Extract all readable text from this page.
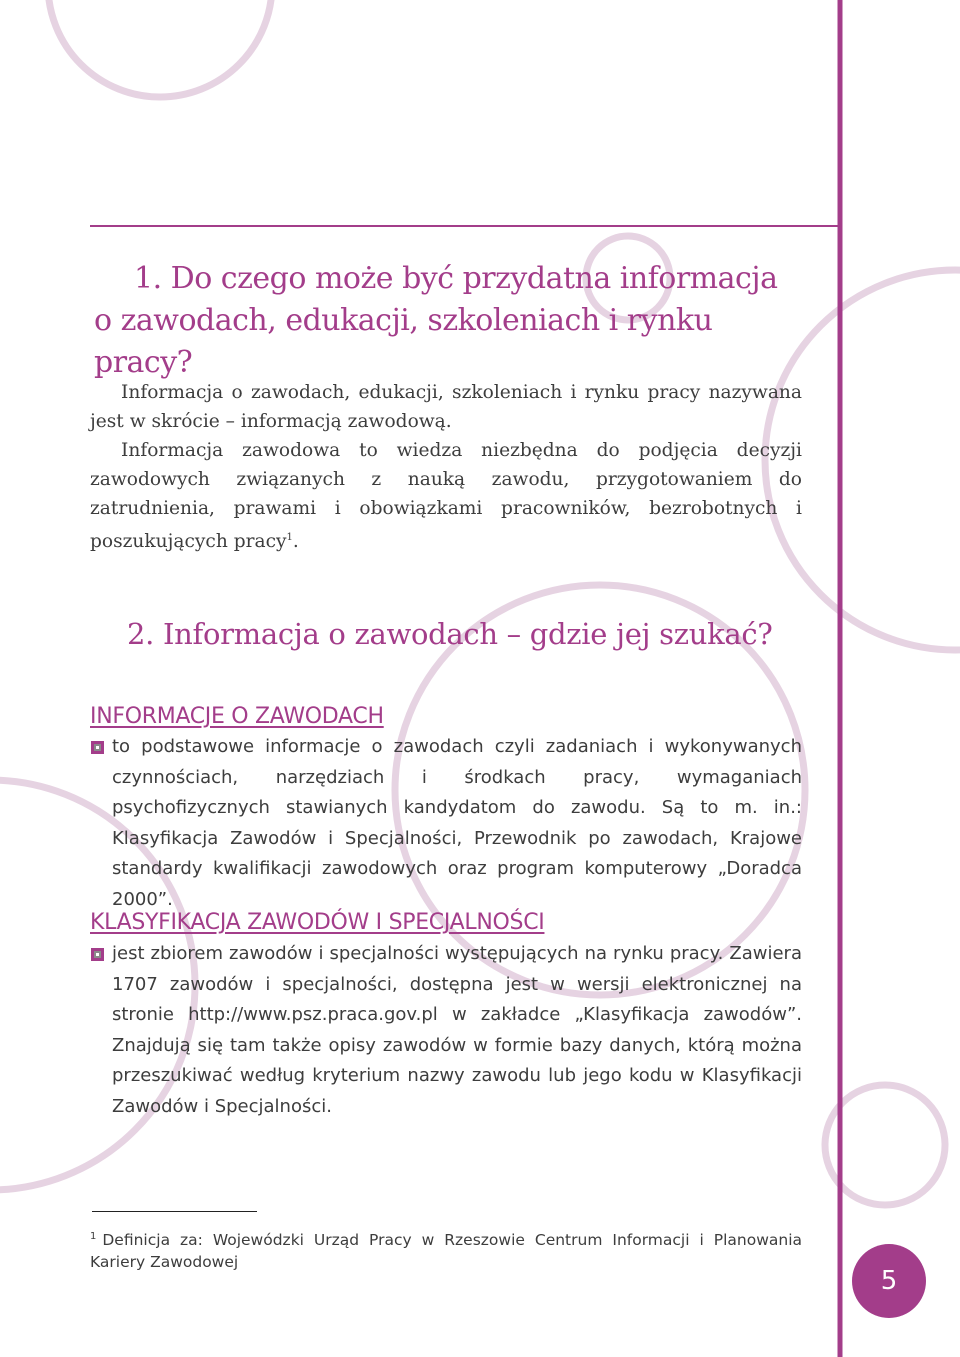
1. Do czego może być przydatna informacja
o zawodach, edukacji, szkoleniach i rynku pracy?

Informacja o zawodach, edukacji, szkoleniach i rynku pracy nazywana jest w skrócie – informacją zawodową.
Informacja zawodowa to wiedza niezbędna do podjęcia decyzji zawodowych związanych z nauką zawodu, przygotowaniem do zatrudnienia, prawami i obowiązkami pracowników, bezrobotnych i poszukujących pracy$^1$.

2. Informacja o zawodach – gdzie jej szukać?
INFORMACJE O ZAWODACH

to podstawowe informacje o zawodach czyli zadaniach i wykonywanych czynnościach, narzędziach i środkach pracy, wymaganiach psychofizycznych stawianych kandydatom do zawodu. Są to m. in.: Klasyfikacja Zawodów i Specjalności, Przewodnik po zawodach, Krajowe standardy kwalifikacji zawodowych oraz program komputerowy „Doradca 2000”.

KLASYFIKACJA ZAWODÓW I SPECJALNOŚCI

jest zbiorem zawodów i specjalności występujących na rynku pracy. Zawiera 1707 zawodów i specjalności, dostępna jest w wersji elektronicznej na stronie http://www.psz.praca.gov.pl w zakładce „Klasyfikacja zawodów”. Znajdują się tam także opisy zawodów w formie bazy danych, którą można przeszukiwać według kryterium nazwy zawodu lub jego kodu w Klasyfikacji Zawodów i Specjalności.

$^1$ Definicja za: Wojewódzki Urząd Pracy w Rzeszowie Centrum Informacji i Planowania Kariery Zawodowej

5
